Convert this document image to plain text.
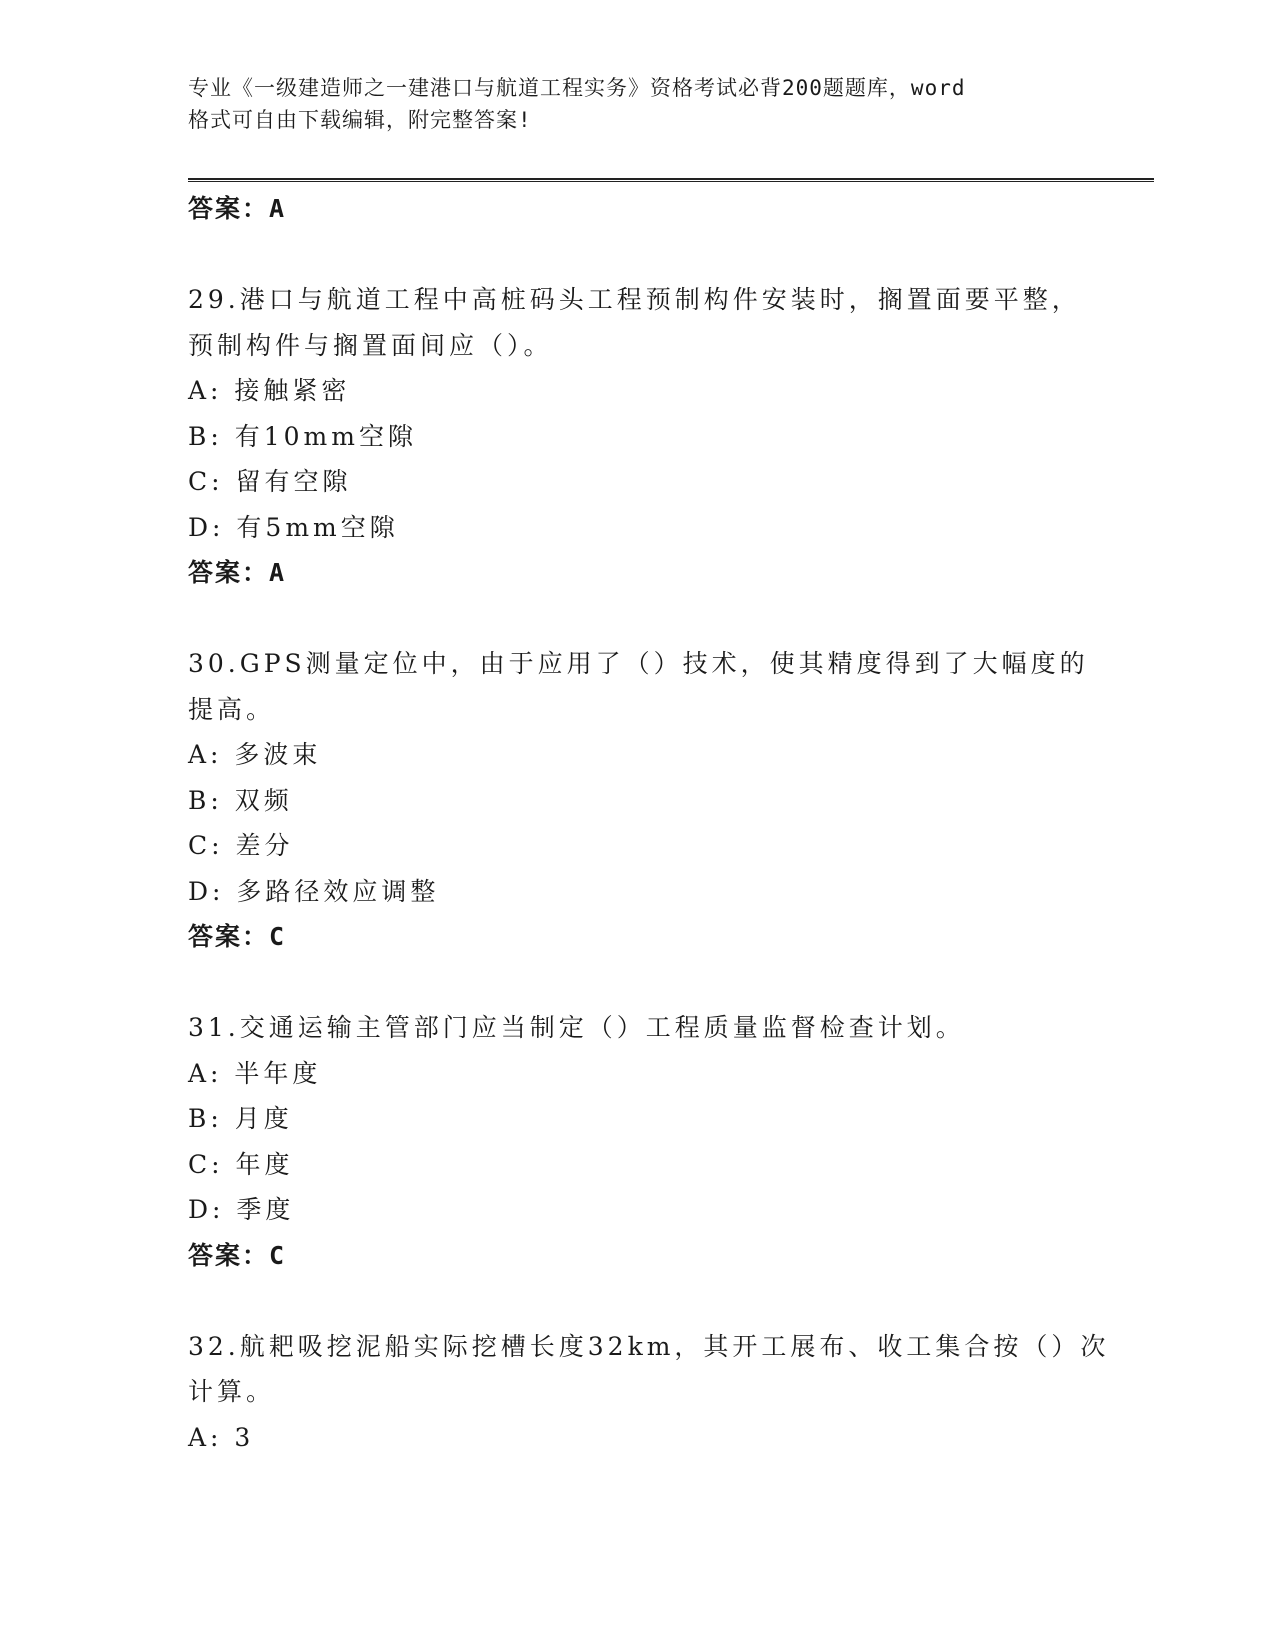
专业《一级建造师之一建港口与航道工程实务》资格考试必背200题题库，word
格式可自由下载编辑，附完整答案!
答案：A
29.港口与航道工程中高桩码头工程预制构件安装时，搁置面要平整，
预制构件与搁置面间应（）。
A: 接触紧密
B: 有10mm空隙
C: 留有空隙
D: 有5mm空隙
答案：A
30.GPS测量定位中，由于应用了（）技术，使其精度得到了大幅度的
提高。
A: 多波束
B: 双频
C: 差分
D: 多路径效应调整
答案：C
31.交通运输主管部门应当制定（）工程质量监督检查计划。
A: 半年度
B: 月度
C: 年度
D: 季度
答案：C
32.航耙吸挖泥船实际挖槽长度32km，其开工展布、收工集合按（）次
计算。
A: 3
